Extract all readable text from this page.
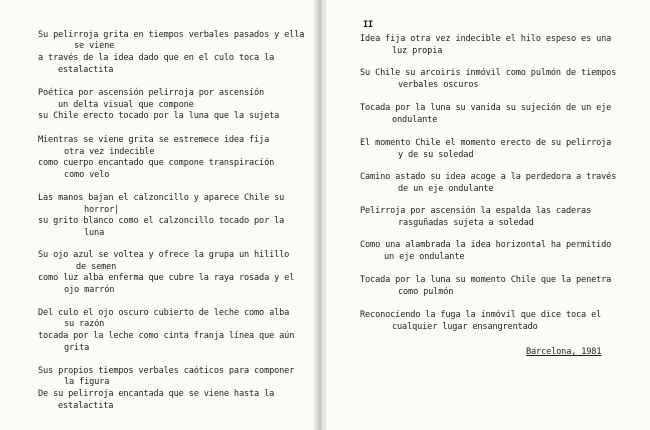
Su pelirroja grita en tiempos verbales pasados y ella
se viene
a través de la idea dado que en el culo toca la
estalactita
Poética por ascensión pelirroja por ascensión
un delta visual que compone
su Chile erecto tocado por la luna que la sujeta
Mientras se viene grita se estremece idea fija
otra vez indecible
como cuerpo encantado que compone transpiración
como velo
Las manos bajan el calzoncillo y aparece Chile su
horror|
su grito blanco como el calzoncillo tocado por la
luna
Su ojo azul se voltea y ofrece la grupa un hilillo
de semen
como luz alba enferma que cubre la raya rosada y el
ojo marrón
Del culo el ojo oscuro cubierto de leche como alba
su razón
tocada por la leche como cinta franja línea que aún
grita
Sus propios tiempos verbales caóticos para componer
la figura
De su pelirroja encantada que se viene hasta la
estalactita
II
Idea fija otra vez indecible el hilo espeso es una
luz propia
Su Chile su arcoiris inmóvil como pulmón de tiempos
verbales oscuros
Tocada por la luna su vanida su sujeción de un eje
ondulante
El momento Chile el momento erecto de su pelirroja
y de su soledad
Camino astado su idea acoge a la perdedora a través
de un eje ondulante
Pelirroja por ascensión la espalda las caderas
rasguñadas sujeta a soledad
Como una alambrada la idea horizontal ha permitido
un eje ondulante
Tocada por la luna su momento Chile que la penetra
como pulmón
Reconociendo la fuga la inmóvil que dice toca el
cualquier lugar ensangrentado
Barcelona, 1981
